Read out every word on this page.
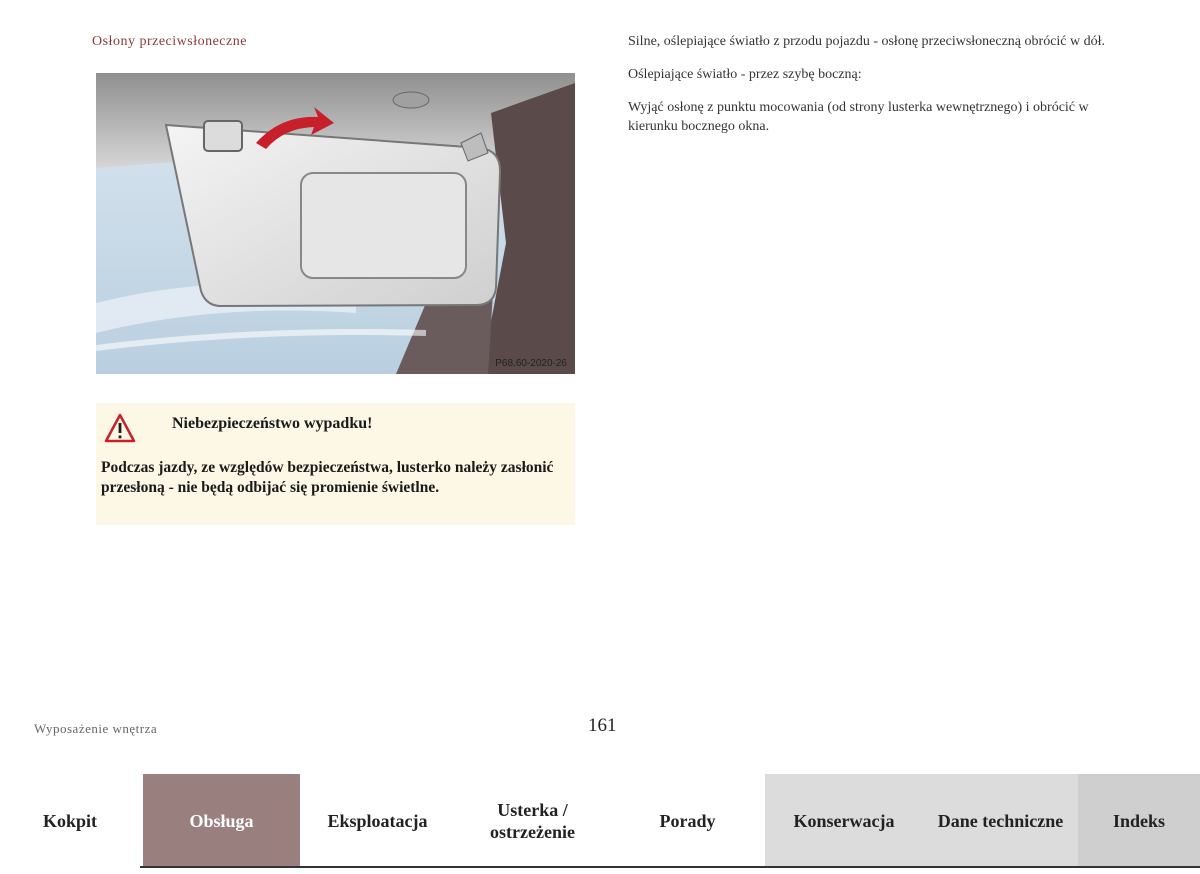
Osłony przeciwsłoneczne
P68.60-2020-26
Niebezpieczeństwo wypadku!
Podczas jazdy, ze względów bezpieczeństwa, lusterko należy zasłonić przesłoną - nie będą odbijać się promienie świetlne.

Silne, oślepiające światło z przodu pojazdu - osłonę przeciwsłoneczną obrócić w dół.

Oślepiające światło - przez szybę boczną:

Wyjąć osłonę z punktu mocowania (od strony lusterka wewnętrznego) i obrócić w kierunku bocznego okna.

Wyposażenie wnętrza	161
Kokpit	Obsługa	Eksploatacja
Usterka / ostrzeżenie
Porady	Konserwacja	Dane techniczne	Indeks
